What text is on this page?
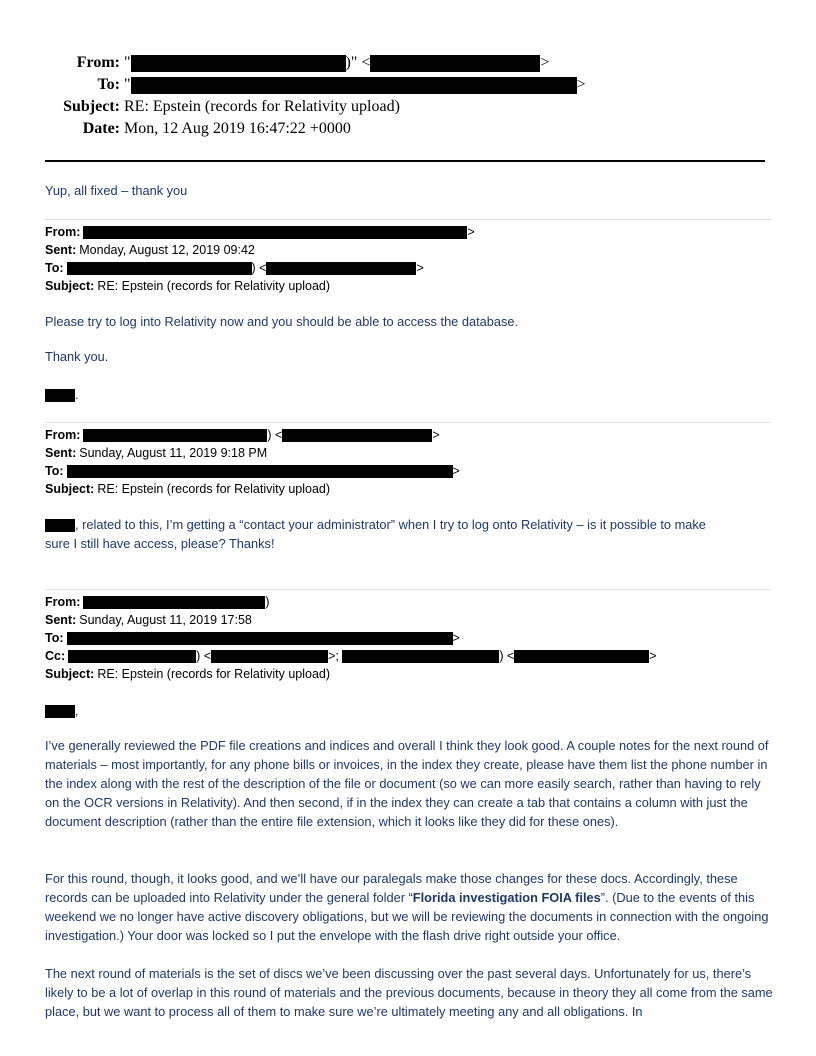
From: "	)" <	>
To: "	>
Subject: RE: Epstein (records for Relativity upload)
Date: Mon, 12 Aug 2019 16:47:22 +0000
Yup, all fixed – thank you
From:	>
Sent: Monday, August 12, 2019 09:42
To:	) <	>
Subject: RE: Epstein (records for Relativity upload)
Please try to log into Relativity now and you should be able to access the database.
Thank you.
.
From:	) <	>
Sent: Sunday, August 11, 2019 9:18 PM
To:	>
Subject: RE: Epstein (records for Relativity upload)

, related to this, I’m getting a “contact your administrator” when I try to log onto Relativity – is it possible to make

sure I still have access, please? Thanks!

From:	)
Sent: Sunday, August 11, 2019 17:58
To:	>
Cc:	) <	>;
	) <	>
Subject: RE: Epstein (records for Relativity upload)
,
I’ve generally reviewed the PDF file creations and indices and overall I think they look good. A couple notes for the next round of materials – most importantly, for any phone bills or invoices, in the index they create, please have them list the phone number in the index along with the rest of the description of the file or document (so we can more easily search, rather than having to rely on the OCR versions in Relativity). And then second, if in the index they can create a tab that contains a column with just the document description (rather than the entire file extension, which it looks like they did for these ones).
For this round, though, it looks good, and we’ll have our paralegals make those changes for these docs. Accordingly, these records can be uploaded into Relativity under the general folder “Florida investigation FOIA files”. (Due to the events of this weekend we no longer have active discovery obligations, but we will be reviewing the documents in connection with the ongoing investigation.) Your door was locked so I put the envelope with the flash drive right outside your office.
The next round of materials is the set of discs we’ve been discussing over the past several days. Unfortunately for us, there’s likely to be a lot of overlap in this round of materials and the previous documents, because in theory they all come from the same place, but we want to process all of them to make sure we’re ultimately meeting any and all obligations. In
